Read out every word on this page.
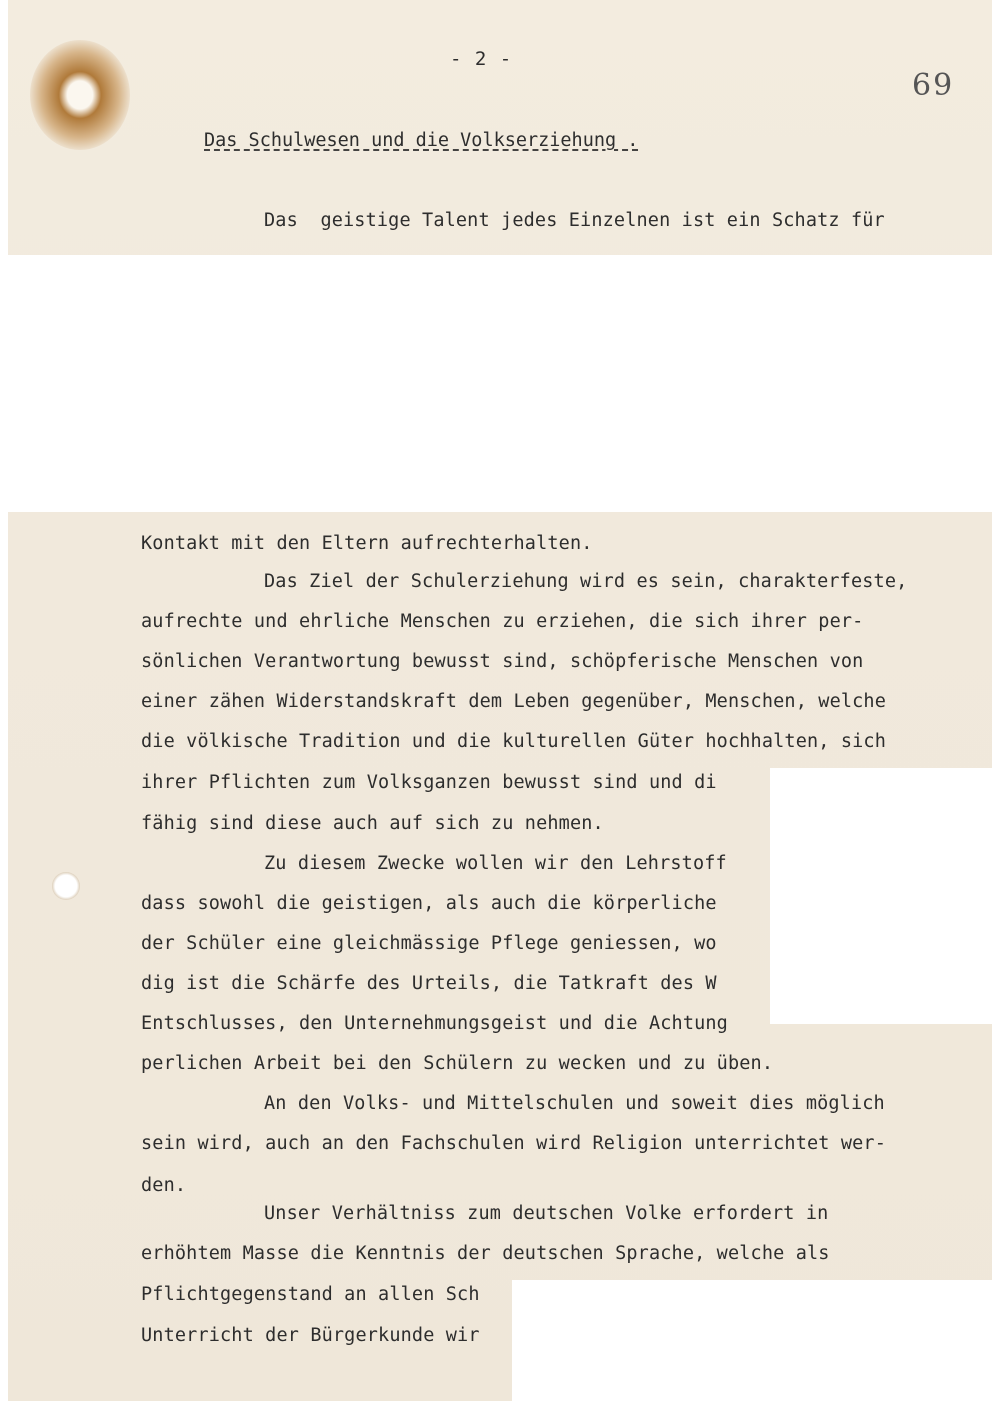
- 2 -
69
Das Schulwesen und die Volkserziehung .
Das  geistige Talent jedes Einzelnen ist ein Schatz für
Kontakt mit den Eltern aufrechterhalten.
Das Ziel der Schulerziehung wird es sein, charakterfeste,
aufrechte und ehrliche Menschen zu erziehen, die sich ihrer per-
sönlichen Verantwortung bewusst sind, schöpferische Menschen von
einer zähen Widerstandskraft dem Leben gegenüber, Menschen, welche
die völkische Tradition und die kulturellen Güter hochhalten, sich
ihrer Pflichten zum Volksganzen bewusst sind und di
fähig sind diese auch auf sich zu nehmen.
Zu diesem Zwecke wollen wir den Lehrstoff
dass sowohl die geistigen, als auch die körperliche
der Schüler eine gleichmässige Pflege geniessen, wo
dig ist die Schärfe des Urteils, die Tatkraft des W
Entschlusses, den Unternehmungsgeist und die Achtung
perlichen Arbeit bei den Schülern zu wecken und zu üben.
An den Volks- und Mittelschulen und soweit dies möglich
sein wird, auch an den Fachschulen wird Religion unterrichtet wer-
den.
Unser Verhältniss zum deutschen Volke erfordert in
erhöhtem Masse die Kenntnis der deutschen Sprache, welche als
Pflichtgegenstand an allen Sch
Unterricht der Bürgerkunde wir
